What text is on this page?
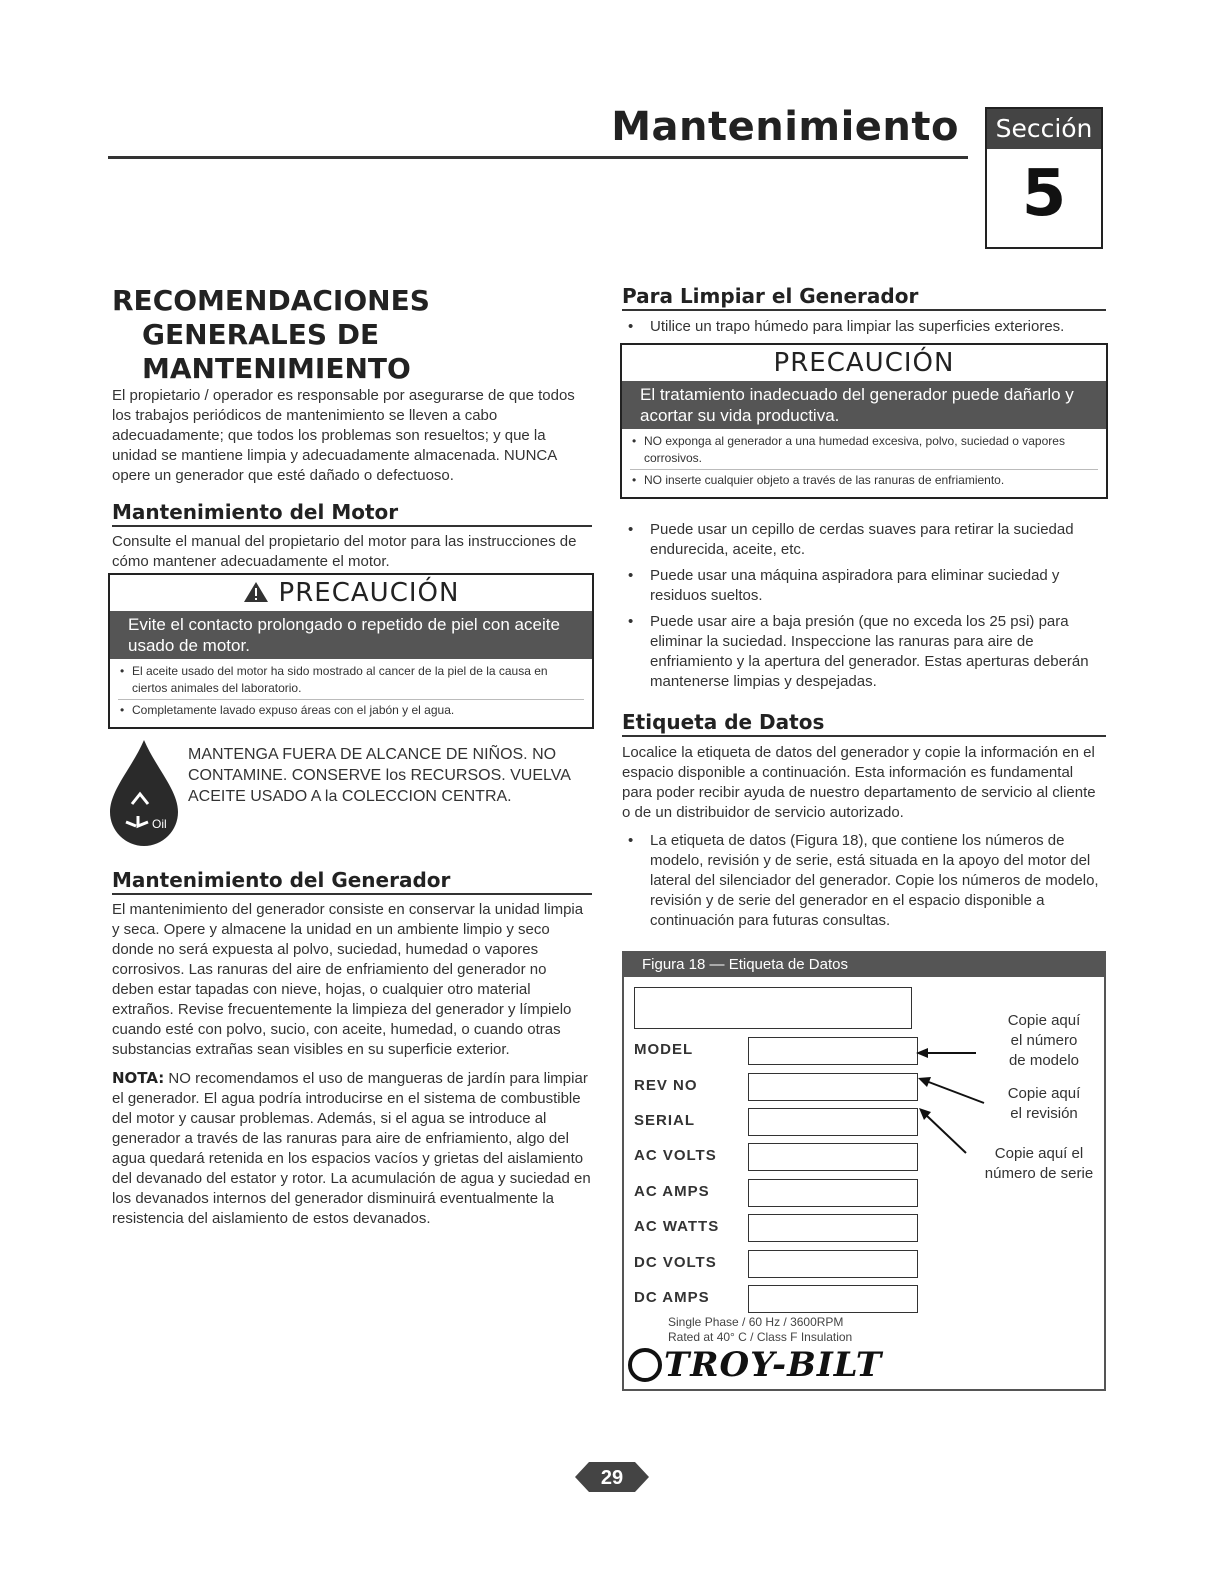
Mantenimiento	Sección
5
RECOMENDACIONES
GENERALES DE
MANTENIMIENTO

El propietario / operador es responsable por asegurarse de que todos los trabajos periódicos de mantenimiento se lleven a cabo adecuadamente; que todos los problemas son resueltos; y que la unidad se mantiene limpia y adecuadamente almacenada. NUNCA opere un generador que esté dañado o defectuoso.

Mantenimiento del Motor

Consulte el manual del propietario del motor para las instrucciones de cómo mantener adecuadamente el motor.

PRECAUCIÓN
Evite el contacto prolongado o repetido de piel con aceite usado de motor.
• El aceite usado del motor ha sido mostrado al cancer de la piel de la causa en ciertos animales del laboratorio.
• Completamente lavado expuso áreas con el jabón y el agua.
Oil

MANTENGA FUERA DE ALCANCE DE NIÑOS. NO CONTAMINE. CONSERVE los RECURSOS. VUELVA ACEITE USADO A la COLECCION CENTRA.

Mantenimiento del Generador

El mantenimiento del generador consiste en conservar la unidad limpia y seca. Opere y almacene la unidad en un ambiente limpio y seco donde no será expuesta al polvo, suciedad, humedad o vapores corrosivos. Las ranuras del aire de enfriamiento del generador no deben estar tapadas con nieve, hojas, o cualquier otro material extraños. Revise frecuentemente la limpieza del generador y límpielo cuando esté con polvo, sucio, con aceite, humedad, o cuando otras substancias extrañas sean visibles en su superficie exterior.

NOTA: NO recomendamos el uso de mangueras de jardín para limpiar el generador. El agua podría introducirse en el sistema de combustible del motor y causar problemas. Además, si el agua se introduce al generador a través de las ranuras para aire de enfriamiento, algo del agua quedará retenida en los espacios vacíos y grietas del aislamiento del devanado del estator y rotor. La acumulación de agua y suciedad en los devanados internos del generador disminuirá eventualmente la resistencia del aislamiento de estos devanados.

Para Limpiar el Generador
• Utilice un trapo húmedo para limpiar las superficies exteriores.
PRECAUCIÓN
El tratamiento inadecuado del generador puede dañarlo y acortar su vida productiva.
• NO exponga al generador a una humedad excesiva, polvo, suciedad o vapores corrosivos.
• NO inserte cualquier objeto a través de las ranuras de enfriamiento.
• Puede usar un cepillo de cerdas suaves para retirar la suciedad endurecida, aceite, etc.
• Puede usar una máquina aspiradora para eliminar suciedad y residuos sueltos.
• Puede usar aire a baja presión (que no exceda los 25 psi) para eliminar la suciedad. Inspeccione las ranuras para aire de enfriamiento y la apertura del generador. Estas aperturas deberán mantenerse limpias y despejadas.
Etiqueta de Datos

Localice la etiqueta de datos del generador y copie la información en el espacio disponible a continuación. Esta información es fundamental para poder recibir ayuda de nuestro departamento de servicio al cliente o de un distribuidor de servicio autorizado.

• La etiqueta de datos (Figura 18), que contiene los números de modelo, revisión y de serie, está situada en la apoyo del motor del lateral del silenciador del generador. Copie los números de modelo, revisión y de serie del generador en el espacio disponible a continuación para futuras consultas.
Figura 18 — Etiqueta de Datos
MODEL
REV NO
SERIAL
AC VOLTS
AC AMPS
AC WATTS
DC VOLTS
DC AMPS
Single Phase / 60 Hz / 3600RPM
Rated at 40° C / Class F Insulation
TROY-BILT
Copie aquí
el número
de modelo
Copie aquí
el revisión
Copie aquí el
número de serie
29
